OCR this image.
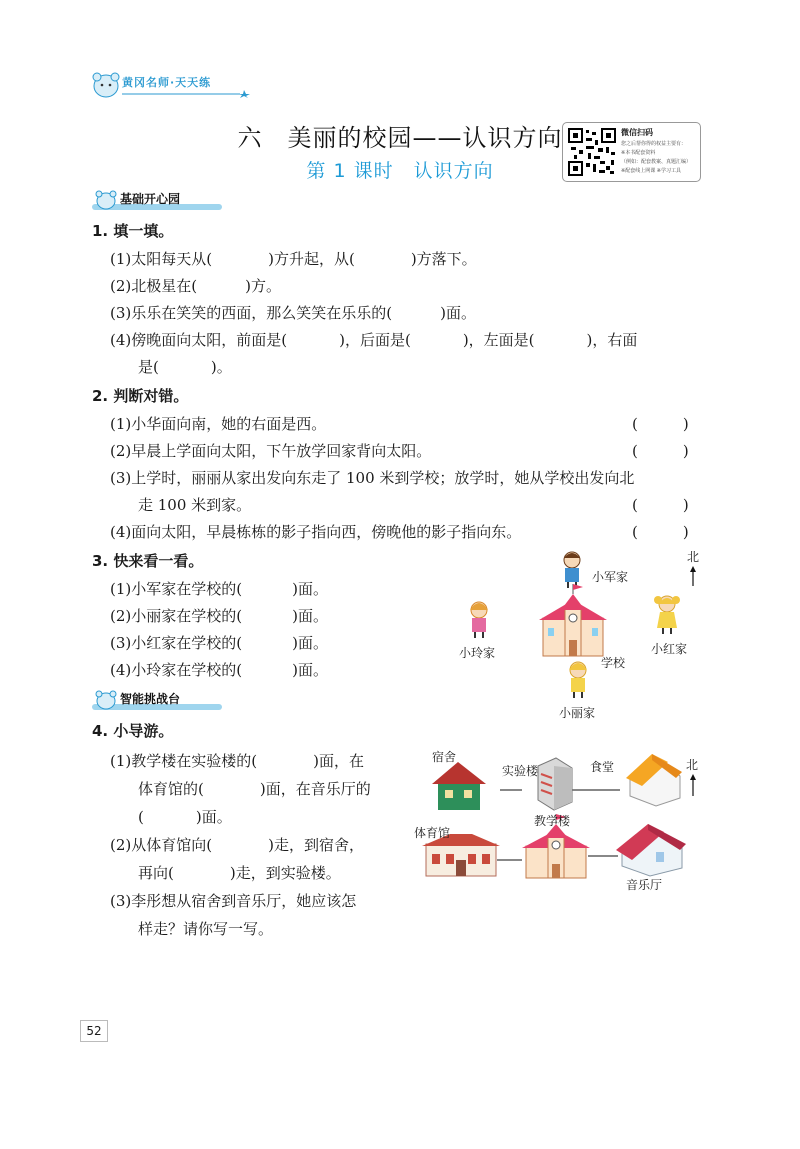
黄冈名师·天天练
六　美丽的校园——认识方向
第 1 课时　认识方向
微信扫码
您之后帮你得的权益主要有：
※本书配套资料
（例如：配套教案、真题汇编）
※配套线上网课 ※学习工具
基础开心园
1. 填一填。
(1)太阳每天从(	)方升起，从(	)方落下。
(2)北极星在(	)方。
(3)乐乐在笑笑的西面，那么笑笑在乐乐的(	)面。
(4)傍晚面向太阳，前面是(	)，后面是(	)，左面是(	)，右面
是(	)。
2. 判断对错。
(1)小华面向南，她的右面是西。	(　　　)
(2)早晨上学面向太阳，下午放学回家背向太阳。	(　　　)
(3)上学时，丽丽从家出发向东走了 100 米到学校；放学时，她从学校出发向北
走 100 米到家。	(　　　)
(4)面向太阳，早晨栋栋的影子指向西，傍晚他的影子指向东。	(　　　)
3. 快来看一看。
(1)小军家在学校的(	)面。
(2)小丽家在学校的(	)面。
(3)小红家在学校的(	)面。
(4)小玲家在学校的(	)面。
北
小军家
小红家
小玲家
学校
小丽家
智能挑战台
4. 小导游。
(1)教学楼在实验楼的(	)面，在
体育馆的(	)面，在音乐厅的
(	)面。
(2)从体育馆向(	)走，到宿舍，
再向(	)走，到实验楼。
(3)李彤想从宿舍到音乐厅，她应该怎
样走？请你写一写。
宿舍
实验楼	食堂	北
体育馆
教学楼
音乐厅
52
